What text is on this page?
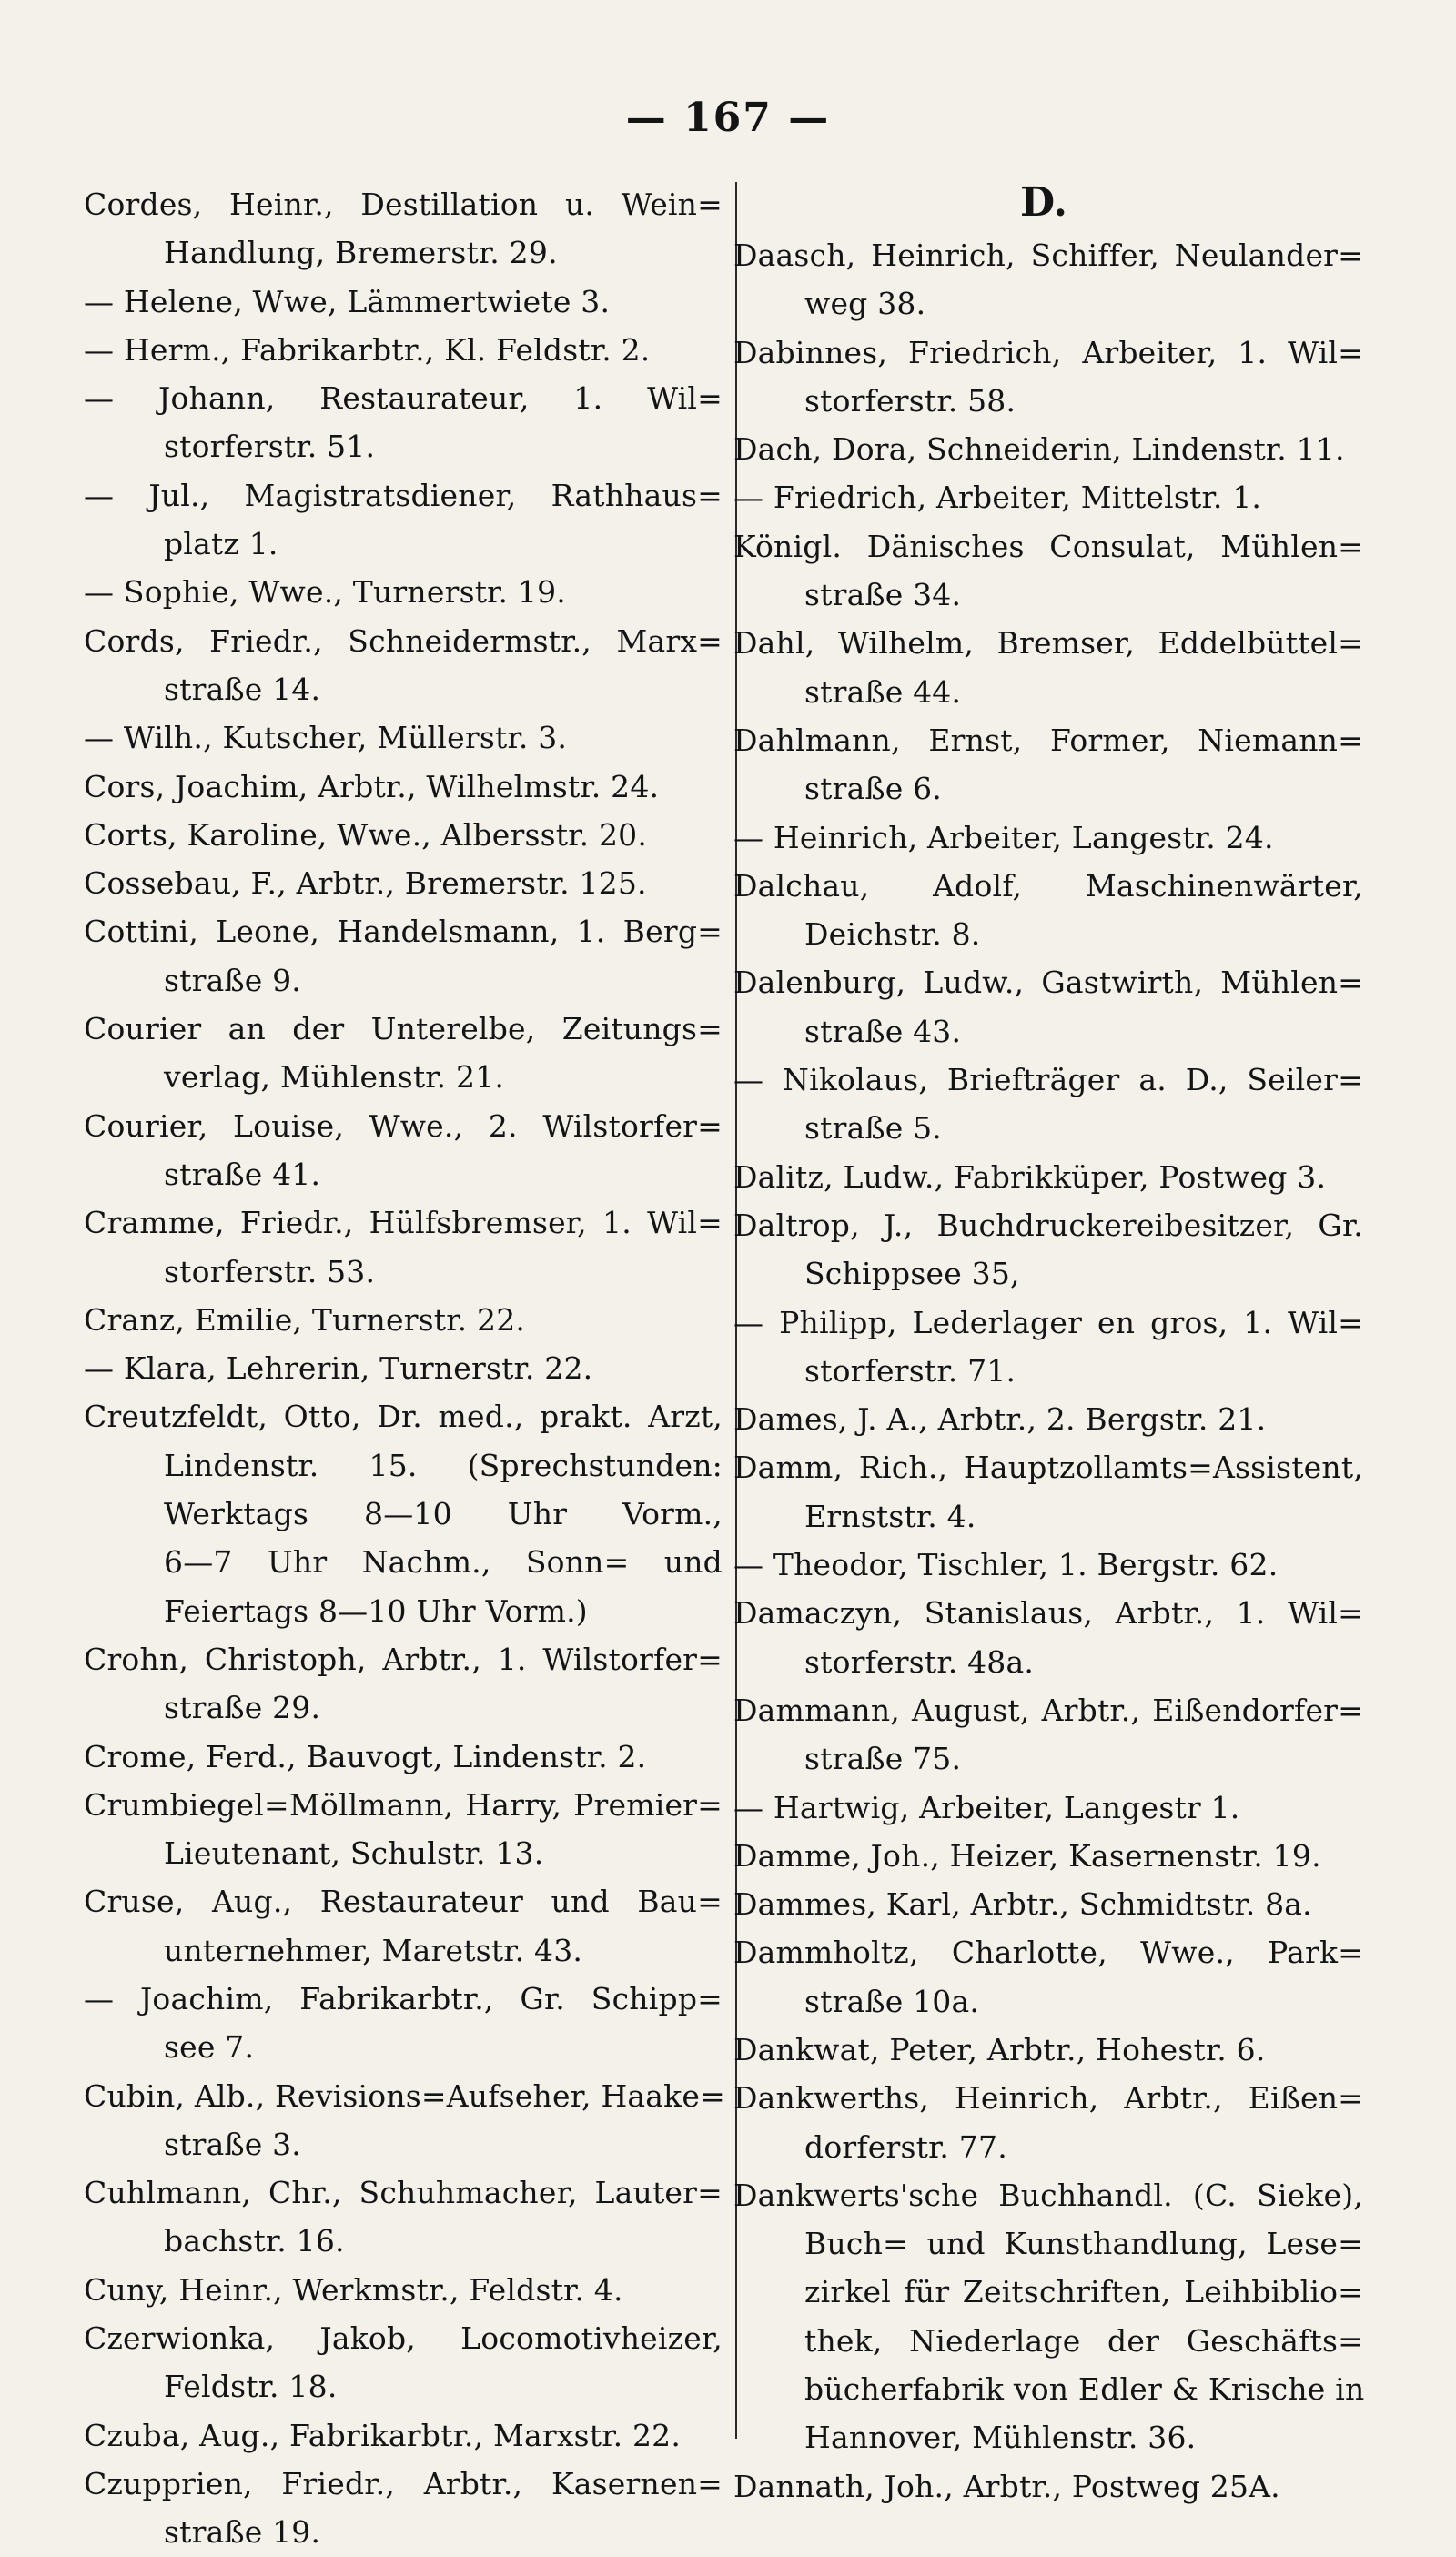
— 167 —
Cordes, Heinr., Destillation u. Wein=
Handlung, Bremerstr. 29.
— Helene, Wwe, Lämmertwiete 3.
— Herm., Fabrikarbtr., Kl. Feldstr. 2.
— Johann, Restaurateur, 1. Wil=
storferstr. 51.
— Jul., Magistratsdiener, Rathhaus=
platz 1.
— Sophie, Wwe., Turnerstr. 19.
Cords, Friedr., Schneidermstr., Marx=
straße 14.
— Wilh., Kutscher, Müllerstr. 3.
Cors, Joachim, Arbtr., Wilhelmstr. 24.
Corts, Karoline, Wwe., Albersstr. 20.
Cossebau, F., Arbtr., Bremerstr. 125.
Cottini, Leone, Handelsmann, 1. Berg=
straße 9.
Courier an der Unterelbe, Zeitungs=
verlag, Mühlenstr. 21.
Courier, Louise, Wwe., 2. Wilstorfer=
straße 41.
Cramme, Friedr., Hülfsbremser, 1. Wil=
storferstr. 53.
Cranz, Emilie, Turnerstr. 22.
— Klara, Lehrerin, Turnerstr. 22.
Creutzfeldt, Otto, Dr. med., prakt. Arzt,
Lindenstr. 15. (Sprechstunden:
Werktags 8—10 Uhr Vorm.,
6—7 Uhr Nachm., Sonn= und
Feiertags 8—10 Uhr Vorm.)
Crohn, Christoph, Arbtr., 1. Wilstorfer=
straße 29.
Crome, Ferd., Bauvogt, Lindenstr. 2.
Crumbiegel=Möllmann, Harry, Premier=
Lieutenant, Schulstr. 13.
Cruse, Aug., Restaurateur und Bau=
unternehmer, Maretstr. 43.
— Joachim, Fabrikarbtr., Gr. Schipp=
see 7.
Cubin, Alb., Revisions=Aufseher, Haake=
straße 3.
Cuhlmann, Chr., Schuhmacher, Lauter=
bachstr. 16.
Cuny, Heinr., Werkmstr., Feldstr. 4.
Czerwionka, Jakob, Locomotivheizer,
Feldstr. 18.
Czuba, Aug., Fabrikarbtr., Marxstr. 22.
Czupprien, Friedr., Arbtr., Kasernen=
straße 19.
D.
Daasch, Heinrich, Schiffer, Neulander=
weg 38.
Dabinnes, Friedrich, Arbeiter, 1. Wil=
storferstr. 58.
Dach, Dora, Schneiderin, Lindenstr. 11.
— Friedrich, Arbeiter, Mittelstr. 1.
Königl. Dänisches Consulat, Mühlen=
straße 34.
Dahl, Wilhelm, Bremser, Eddelbüttel=
straße 44.
Dahlmann, Ernst, Former, Niemann=
straße 6.
— Heinrich, Arbeiter, Langestr. 24.
Dalchau, Adolf, Maschinenwärter,
Deichstr. 8.
Dalenburg, Ludw., Gastwirth, Mühlen=
straße 43.
— Nikolaus, Briefträger a. D., Seiler=
straße 5.
Dalitz, Ludw., Fabrikküper, Postweg 3.
Daltrop, J., Buchdruckereibesitzer, Gr.
Schippsee 35,
— Philipp, Lederlager en gros, 1. Wil=
storferstr. 71.
Dames, J. A., Arbtr., 2. Bergstr. 21.
Damm, Rich., Hauptzollamts=Assistent,
Ernststr. 4.
— Theodor, Tischler, 1. Bergstr. 62.
Damaczyn, Stanislaus, Arbtr., 1. Wil=
storferstr. 48a.
Dammann, August, Arbtr., Eißendorfer=
straße 75.
— Hartwig, Arbeiter, Langestr 1.
Damme, Joh., Heizer, Kasernenstr. 19.
Dammes, Karl, Arbtr., Schmidtstr. 8a.
Dammholtz, Charlotte, Wwe., Park=
straße 10a.
Dankwat, Peter, Arbtr., Hohestr. 6.
Dankwerths, Heinrich, Arbtr., Eißen=
dorferstr. 77.
Dankwerts'sche Buchhandl. (C. Sieke),
Buch= und Kunsthandlung, Lese=
zirkel für Zeitschriften, Leihbiblio=
thek, Niederlage der Geschäfts=
bücherfabrik von Edler & Krische in
Hannover, Mühlenstr. 36.
Dannath, Joh., Arbtr., Postweg 25A.
